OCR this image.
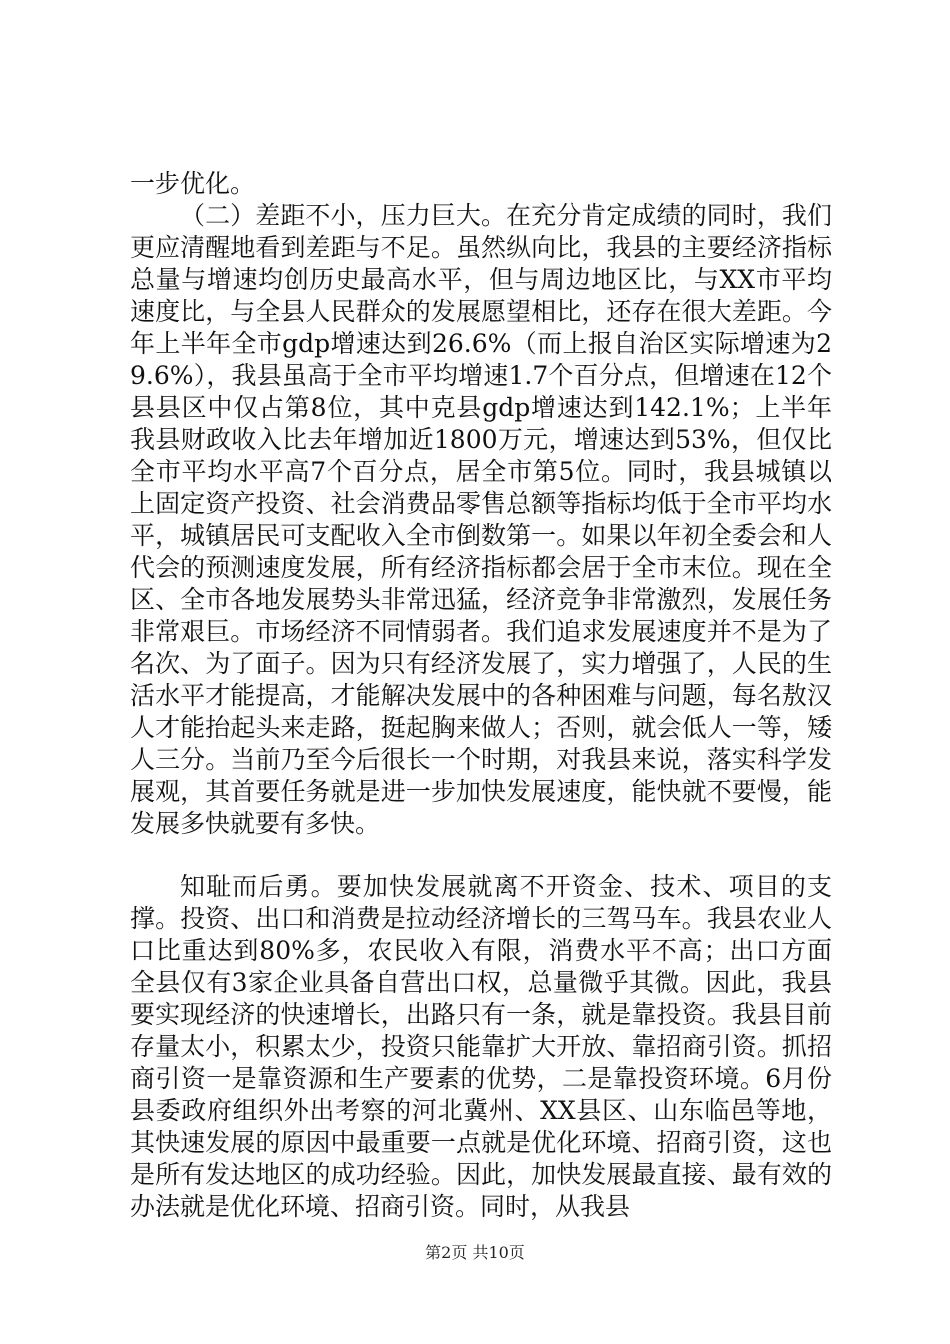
一步优化。

（二）差距不小，压力巨大。在充分肯定成绩的同时，我们更应清醒地看到差距与不足。虽然纵向比，我县的主要经济指标总量与增速均创历史最高水平，但与周边地区比，与XX市平均速度比，与全县人民群众的发展愿望相比，还存在很大差距。今年上半年全市gdp增速达到26.6%（而上报自治区实际增速为29.6%），我县虽高于全市平均增速1.7个百分点，但增速在12个县县区中仅占第8位，其中克县gdp增速达到142.1%；上半年我县财政收入比去年增加近1800万元，增速达到53%，但仅比全市平均水平高7个百分点，居全市第5位。同时，我县城镇以上固定资产投资、社会消费品零售总额等指标均低于全市平均水平，城镇居民可支配收入全市倒数第一。如果以年初全委会和人代会的预测速度发展，所有经济指标都会居于全市末位。现在全区、全市各地发展势头非常迅猛，经济竞争非常激烈，发展任务非常艰巨。市场经济不同情弱者。我们追求发展速度并不是为了名次、为了面子。因为只有经济发展了，实力增强了，人民的生活水平才能提高，才能解决发展中的各种困难与问题，每名敖汉人才能抬起头来走路，挺起胸来做人；否则，就会低人一等，矮人三分。当前乃至今后很长一个时期，对我县来说，落实科学发展观，其首要任务就是进一步加快发展速度，能快就不要慢，能发展多快就要有多快。

知耻而后勇。要加快发展就离不开资金、技术、项目的支撑。投资、出口和消费是拉动经济增长的三驾马车。我县农业人口比重达到80%多，农民收入有限，消费水平不高；出口方面全县仅有3家企业具备自营出口权，总量微乎其微。因此，我县要实现经济的快速增长，出路只有一条，就是靠投资。我县目前存量太小，积累太少，投资只能靠扩大开放、靠招商引资。抓招商引资一是靠资源和生产要素的优势，二是靠投资环境。6月份县委政府组织外出考察的河北冀州、XX县区、山东临邑等地，其快速发展的原因中最重要一点就是优化环境、招商引资，这也是所有发达地区的成功经验。因此，加快发展最直接、最有效的办法就是优化环境、招商引资。同时，从我县

第2页 共10页
